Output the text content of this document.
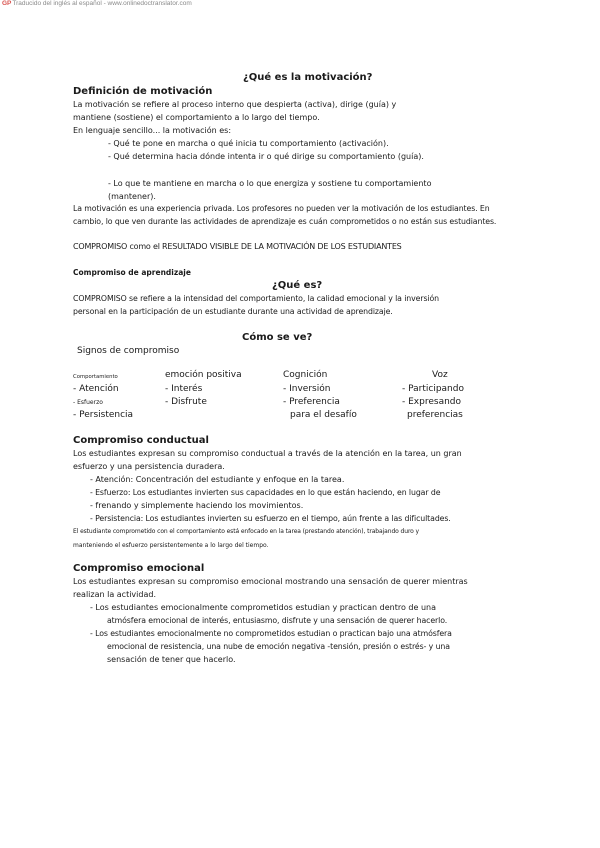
GPTraducido del inglés al español - www.onlinedoctranslator.com
¿Qué es la motivación?
Definición de motivación
La motivación se refiere al proceso interno que despierta (activa), dirige (guía) y
mantiene (sostiene) el comportamiento a lo largo del tiempo.
En lenguaje sencillo... la motivación es:
- Qué te pone en marcha o qué inicia tu comportamiento (activación).
- Qué determina hacia dónde intenta ir o qué dirige su comportamiento (guía).
- Lo que te mantiene en marcha o lo que energiza y sostiene tu comportamiento
(mantener).
La motivación es una experiencia privada. Los profesores no pueden ver la motivación de los estudiantes. En
cambio, lo que ven durante las actividades de aprendizaje es cuán comprometidos o no están sus estudiantes.
COMPROMISO como el RESULTADO VISIBLE DE LA MOTIVACIÓN DE LOS ESTUDIANTES
Compromiso de aprendizaje
¿Qué es?
COMPROMISO se refiere a la intensidad del comportamiento, la calidad emocional y la inversión
personal en la participación de un estudiante durante una actividad de aprendizaje.
Cómo se ve?
Signos de compromiso
Comportamiento
- Atención
- Esfuerzo
- Persistencia
emoción positiva
- Interés
- Disfrute
Cognición
- Inversión
- Preferencia
para el desafío
Voz
- Participando
- Expresando
preferencias
Compromiso conductual
Los estudiantes expresan su compromiso conductual a través de la atención en la tarea, un gran
esfuerzo y una persistencia duradera.
- Atención: Concentración del estudiante y enfoque en la tarea.
- Esfuerzo: Los estudiantes invierten sus capacidades en lo que están haciendo, en lugar de
- frenando y simplemente haciendo los movimientos.
- Persistencia: Los estudiantes invierten su esfuerzo en el tiempo, aún frente a las dificultades.
El estudiante comprometido con el comportamiento está enfocado en la tarea (prestando atención), trabajando duro y
manteniendo el esfuerzo persistentemente a lo largo del tiempo.
Compromiso emocional
Los estudiantes expresan su compromiso emocional mostrando una sensación de querer mientras
realizan la actividad.
- Los estudiantes emocionalmente comprometidos estudian y practican dentro de una
atmósfera emocional de interés, entusiasmo, disfrute y una sensación de querer hacerlo.
- Los estudiantes emocionalmente no comprometidos estudian o practican bajo una atmósfera
emocional de resistencia, una nube de emoción negativa -tensión, presión o estrés- y una
sensación de tener que hacerlo.
